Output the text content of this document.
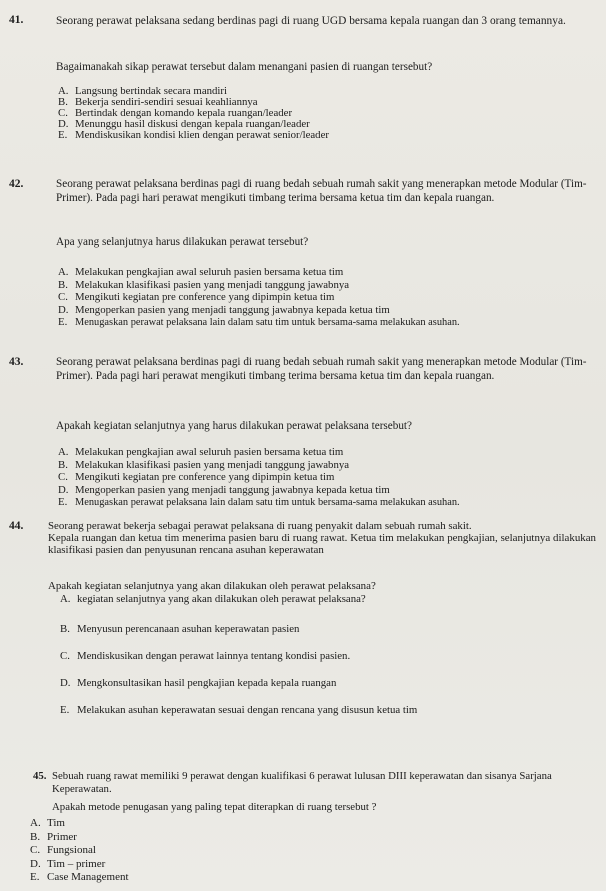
41.	Seorang perawat pelaksana sedang berdinas pagi di ruang UGD bersama kepala ruangan dan 3 orang temannya.
Bagaimanakah sikap perawat tersebut dalam menangani pasien di ruangan tersebut?
A. Langsung bertindak secara mandiri
B. Bekerja sendiri-sendiri sesuai keahliannya
C. Bertindak dengan komando kepala ruangan/leader
D. Menunggu hasil diskusi dengan kepala ruangan/leader
E. Mendiskusikan kondisi klien dengan perawat senior/leader
42.	Seorang perawat pelaksana berdinas pagi di ruang bedah sebuah rumah sakit yang menerapkan metode Modular (Tim-Primer). Pada pagi hari perawat mengikuti timbang terima bersama ketua tim dan kepala ruangan.
Apa yang selanjutnya harus dilakukan perawat tersebut?
A. Melakukan pengkajian awal seluruh pasien bersama ketua tim
B. Melakukan klasifikasi pasien yang menjadi tanggung jawabnya
C. Mengikuti kegiatan pre conference yang dipimpin ketua tim
D. Mengoperkan pasien yang menjadi tanggung jawabnya kepada ketua tim
E. Menugaskan perawat pelaksana lain dalam satu tim untuk bersama-sama melakukan asuhan.
43.	Seorang perawat pelaksana berdinas pagi di ruang bedah sebuah rumah sakit yang menerapkan metode Modular (Tim-Primer). Pada pagi hari perawat mengikuti timbang terima bersama ketua tim dan kepala ruangan.
Apakah kegiatan selanjutnya yang harus dilakukan perawat pelaksana tersebut?
A. Melakukan pengkajian awal seluruh pasien bersama ketua tim
B. Melakukan klasifikasi pasien yang menjadi tanggung jawabnya
C. Mengikuti kegiatan pre conference yang dipimpin ketua tim
D. Mengoperkan pasien yang menjadi tanggung jawabnya kepada ketua tim
E. Menugaskan perawat pelaksana lain dalam satu tim untuk bersama-sama melakukan asuhan.
44. Seorang perawat bekerja sebagai perawat pelaksana di ruang penyakit dalam sebuah rumah sakit.

Kepala ruangan dan ketua tim menerima pasien baru di ruang rawat. Ketua tim melakukan pengkajian, selanjutnya dilakukan klasifikasi pasien dan penyusunan rencana asuhan keperawatan

Apakah kegiatan selanjutnya yang akan dilakukan oleh perawat pelaksana?
A. kegiatan selanjutnya yang akan dilakukan oleh perawat pelaksana?
B. Menyusun perencanaan asuhan keperawatan pasien
C. Mendiskusikan dengan perawat lainnya tentang kondisi pasien.
D. Mengkonsultasikan hasil pengkajian kepada kepala ruangan
E. Melakukan asuhan keperawatan sesuai dengan rencana yang disusun ketua tim
45. Sebuah ruang rawat memiliki 9 perawat dengan kualifikasi 6 perawat lulusan DIII keperawatan dan sisanya Sarjana Keperawatan.
Apakah metode penugasan yang paling tepat diterapkan di ruang tersebut ?
A. Tim
B. Primer
C. Fungsional
D. Tim – primer
E. Case Management
